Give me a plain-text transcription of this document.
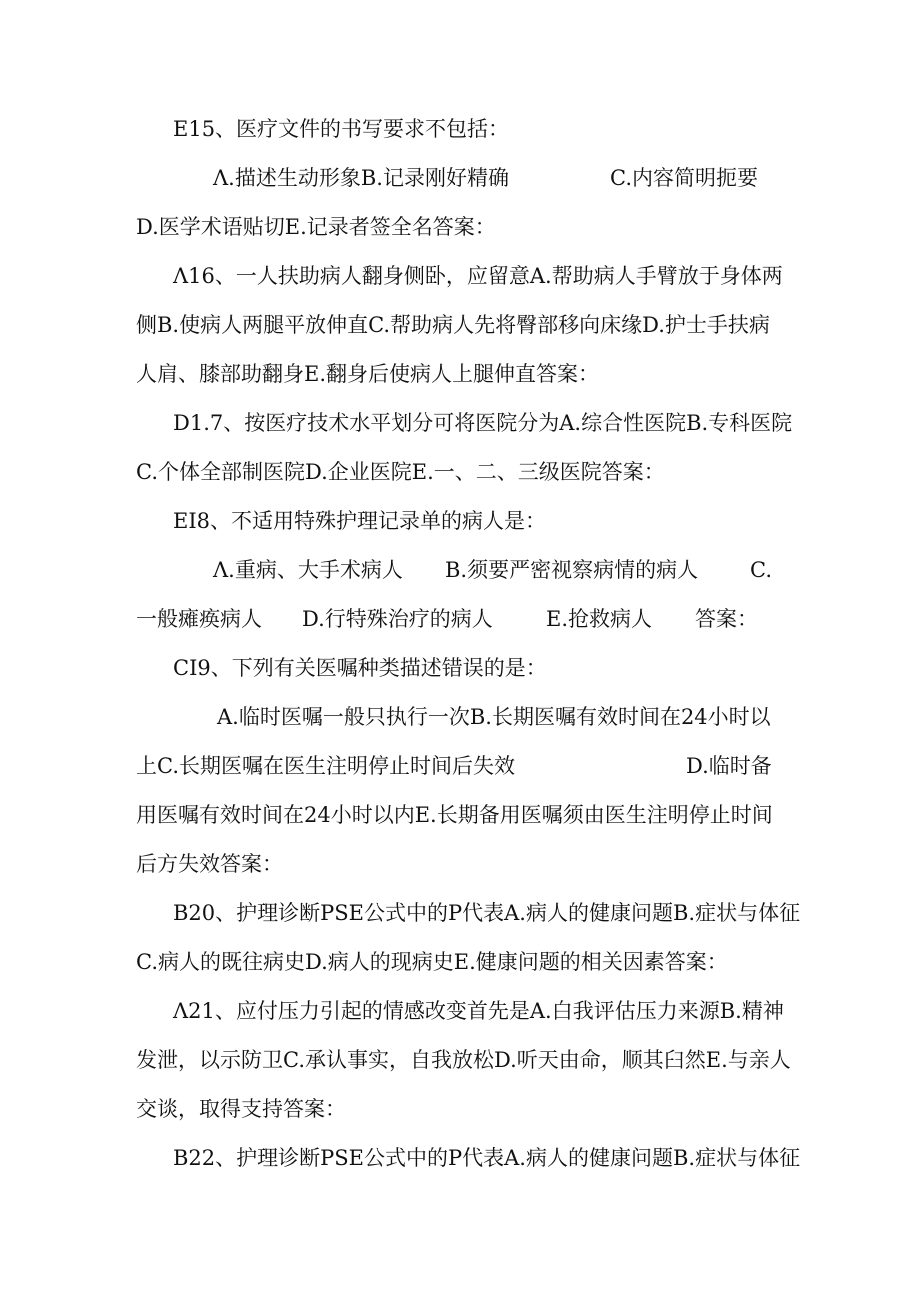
E15、医疗文件的书写要求不包括：
Λ.描述生动形象B.记录刚好精确	C.内容简明扼要
D.医学术语贴切E.记录者签全名答案：
Λ16、一人扶助病人翻身侧卧，应留意A.帮助病人手臂放于身体两
侧B.使病人两腿平放伸直C.帮助病人先将臀部移向床缘D.护士手扶病
人肩、膝部助翻身E.翻身后使病人上腿伸直答案：
D1.7、按医疗技术水平划分可将医院分为A.综合性医院B.专科医院
C.个体全部制医院D.企业医院E.一、二、三级医院答案：
EI8、不适用特殊护理记录单的病人是：
Λ.重病、大手术病人 B.须要严密视察病情的病人 C.
一般瘫痪病人 D.行特殊治疗的病人	E.抢救病人 答案：
CI9、下列有关医嘱种类描述错误的是：
A.临时医嘱一般只执行一次B.长期医嘱有效时间在24小时以
上C.长期医嘱在医生注明停止时间后失效	D.临时备
用医嘱有效时间在24小时以内E.长期备用医嘱须由医生注明停止时间
后方失效答案：
B20、护理诊断PSE公式中的P代表A.病人的健康问题B.症状与体征
C.病人的既往病史D.病人的现病史E.健康问题的相关因素答案：
Λ21、应付压力引起的情感改变首先是A.白我评估压力来源B.精神
发泄，以示防卫C.承认事实，自我放松D.听天由命，顺其臼然E.与亲人
交谈，取得支持答案：
B22、护理诊断PSE公式中的P代表A.病人的健康问题B.症状与体征
